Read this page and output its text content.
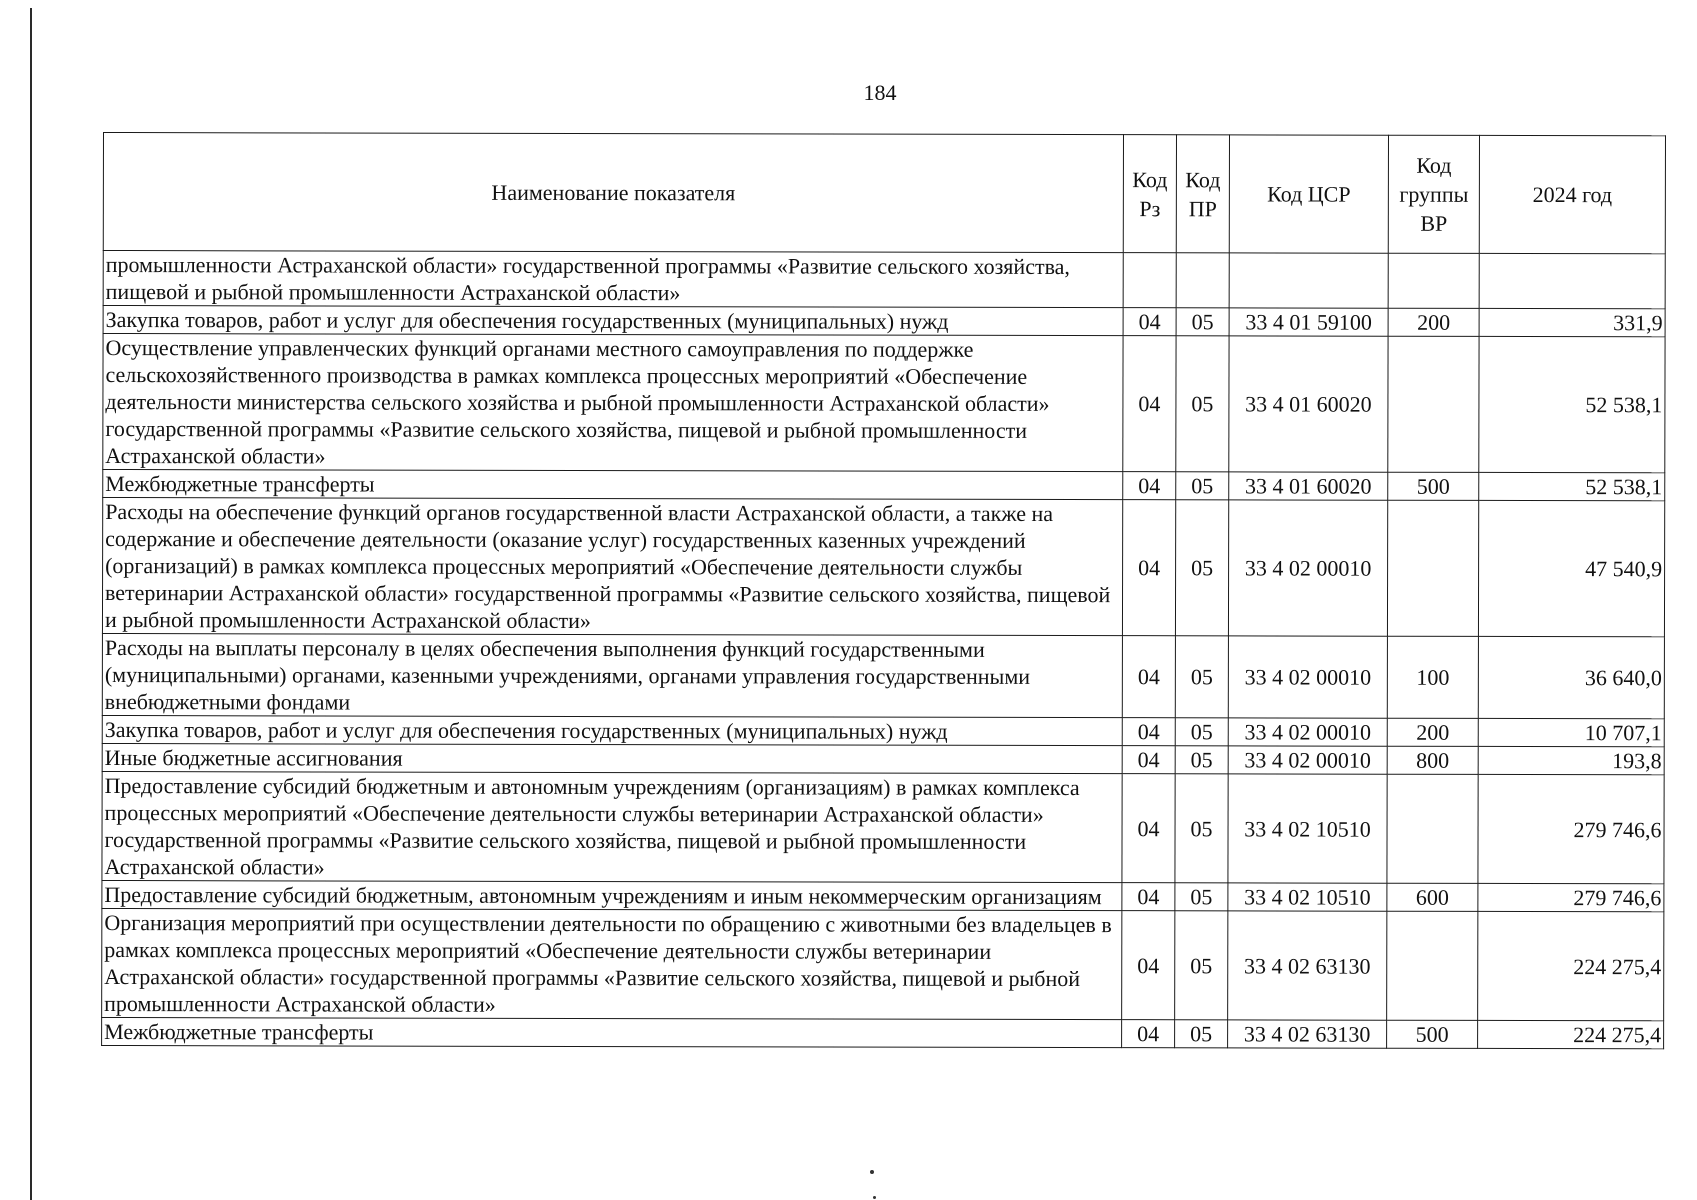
184
Наименование показателя	Код Рз	Код ПР	Код ЦСР	Код группы ВР	2024 год
промышленности Астраханской области» государственной программы «Развитие сельского хозяйства, пищевой и рыбной промышленности Астраханской области»					
Закупка товаров, работ и услуг для обеспечения государственных (муниципальных) нужд	04	05	33 4 01 59100	200	331,9
Осуществление управленческих функций органами местного самоуправления по поддержке сельскохозяйственного производства в рамках комплекса процессных мероприятий «Обеспечение деятельности министерства сельского хозяйства и рыбной промышленности Астраханской области» государственной программы «Развитие сельского хозяйства, пищевой и рыбной промышленности Астраханской области»	04	05	33 4 01 60020		52 538,1
Межбюджетные трансферты	04	05	33 4 01 60020	500	52 538,1
Расходы на обеспечение функций органов государственной власти Астраханской области, а также на содержание и обеспечение деятельности (оказание услуг) государственных казенных учреждений (организаций) в рамках комплекса процессных мероприятий «Обеспечение деятельности службы ветеринарии Астраханской области» государственной программы «Развитие сельского хозяйства, пищевой и рыбной промышленности Астраханской области»	04	05	33 4 02 00010		47 540,9
Расходы на выплаты персоналу в целях обеспечения выполнения функций государственными (муниципальными) органами, казенными учреждениями, органами управления государственными внебюджетными фондами	04	05	33 4 02 00010	100	36 640,0
Закупка товаров, работ и услуг для обеспечения государственных (муниципальных) нужд	04	05	33 4 02 00010	200	10 707,1
Иные бюджетные ассигнования	04	05	33 4 02 00010	800	193,8
Предоставление субсидий бюджетным и автономным учреждениям (организациям) в рамках комплекса процессных мероприятий «Обеспечение деятельности службы ветеринарии Астраханской области» государственной программы «Развитие сельского хозяйства, пищевой и рыбной промышленности Астраханской области»	04	05	33 4 02 10510		279 746,6
Предоставление субсидий бюджетным, автономным учреждениям и иным некоммерческим организациям	04	05	33 4 02 10510	600	279 746,6
Организация мероприятий при осуществлении деятельности по обращению с животными без владельцев в рамках комплекса процессных мероприятий «Обеспечение деятельности службы ветеринарии Астраханской области» государственной программы «Развитие сельского хозяйства, пищевой и рыбной промышленности Астраханской области»	04	05	33 4 02 63130		224 275,4
Межбюджетные трансферты	04	05	33 4 02 63130	500	224 275,4
